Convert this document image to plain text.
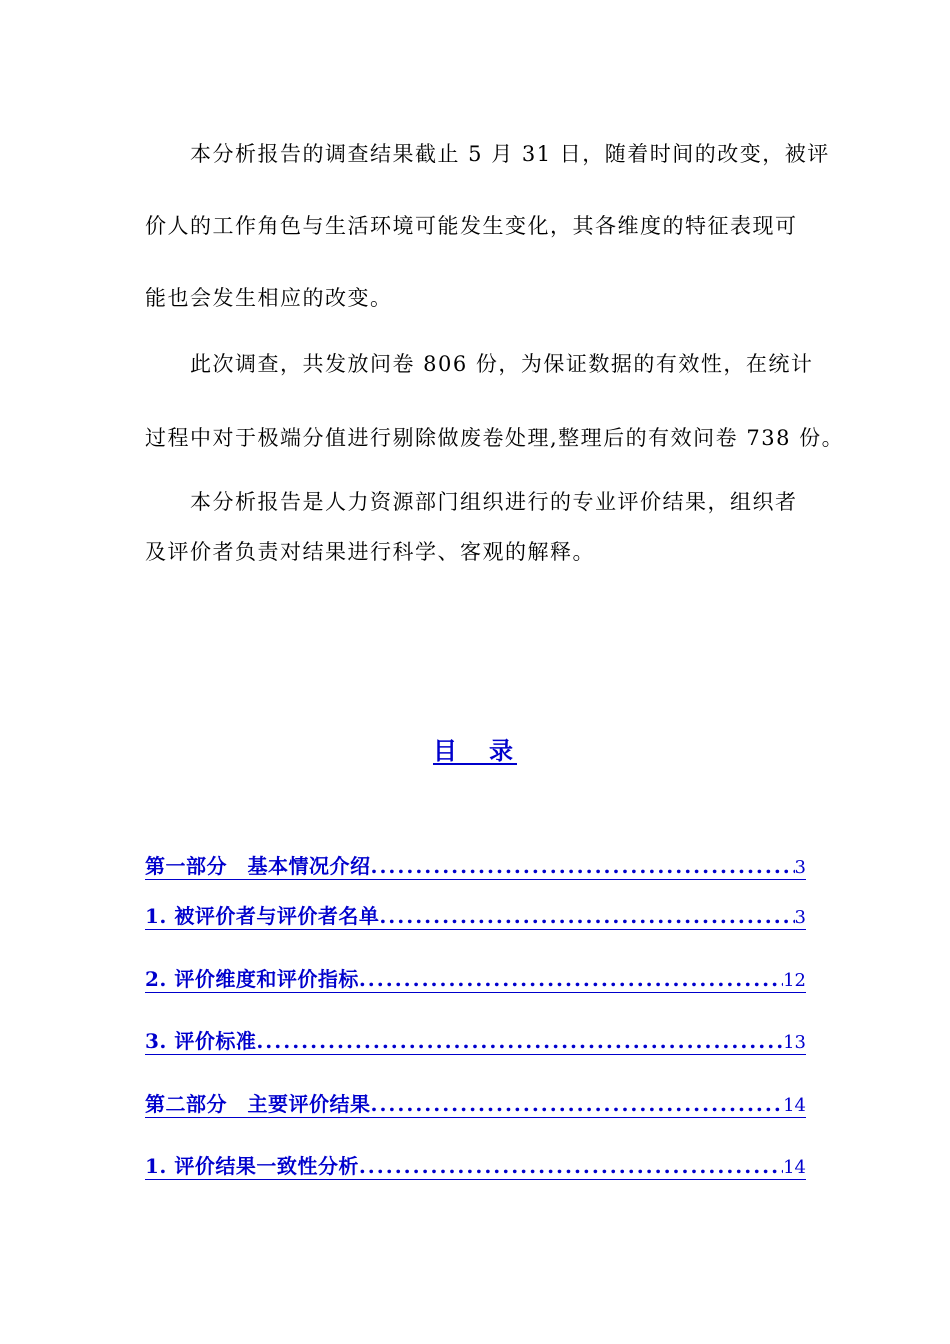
　　本分析报告的调查结果截止 5 月 31 日，随着时间的改变，被评
价人的工作角色与生活环境可能发生变化，其各维度的特征表现可
能也会发生相应的改变。
　　此次调查，共发放问卷 806 份，为保证数据的有效性，在统计
过程中对于极端分值进行剔除做废卷处理,整理后的有效问卷 738 份。
　　本分析报告是人力资源部门组织进行的专业评价结果，组织者
及评价者负责对结果进行科学、客观的解释。
目　录
第一部分　基本情况介绍 .....	3
1. 被评价者与评价者名单 .....	3
2. 评价维度和评价指标 .....	12
3. 评价标准 .....	13
第二部分　主要评价结果 .....	14
1. 评价结果一致性分析 .....	14
